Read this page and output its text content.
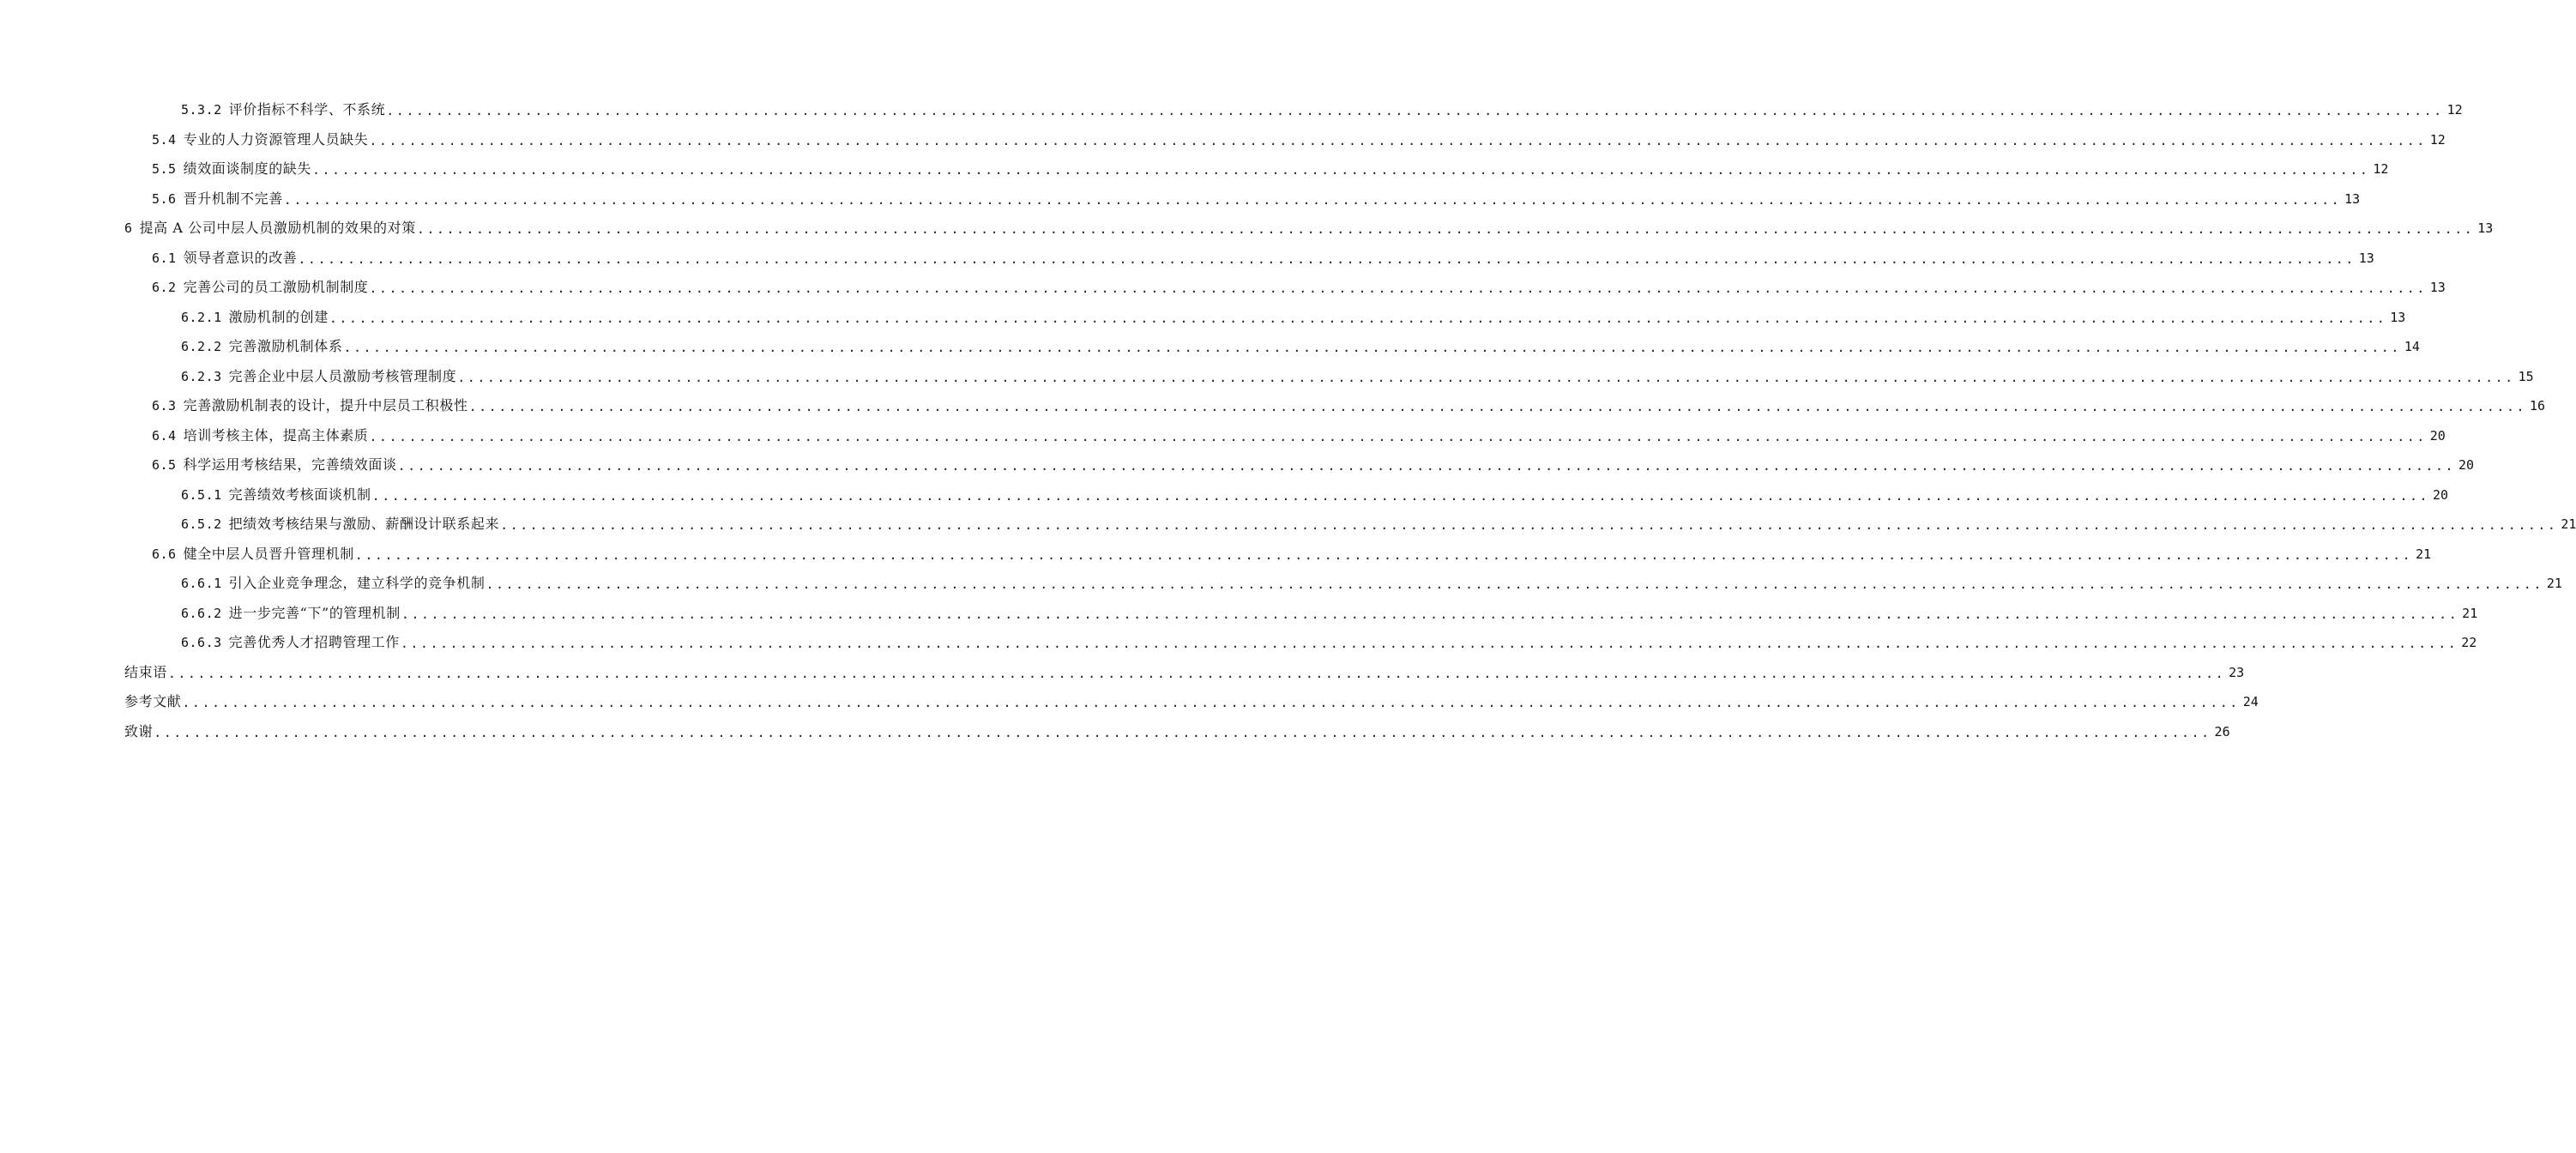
5.3.2 评价指标不科学、不系统 ................................................................................................................................................................................................................ 12
5.4 专业的人力资源管理人员缺失 ................................................................................................................................................................................................................ 12
5.5 绩效面谈制度的缺失 ................................................................................................................................................................................................................ 12
5.6 晋升机制不完善 ................................................................................................................................................................................................................ 13
6 提高 A 公司中层人员激励机制的效果的对策 ................................................................................................................................................................................................................ 13
6.1 领导者意识的改善 ................................................................................................................................................................................................................ 13
6.2 完善公司的员工激励机制制度 ................................................................................................................................................................................................................ 13
6.2.1 激励机制的创建 ................................................................................................................................................................................................................ 13
6.2.2 完善激励机制体系 ................................................................................................................................................................................................................ 14
6.2.3 完善企业中层人员激励考核管理制度 ................................................................................................................................................................................................................ 15
6.3 完善激励机制表的设计，提升中层员工积极性 ................................................................................................................................................................................................................ 16
6.4 培训考核主体，提高主体素质 ................................................................................................................................................................................................................ 20
6.5 科学运用考核结果，完善绩效面谈 ................................................................................................................................................................................................................ 20
6.5.1 完善绩效考核面谈机制 ................................................................................................................................................................................................................ 20
6.5.2 把绩效考核结果与激励、薪酬设计联系起来 ................................................................................................................................................................................................................ 21
6.6 健全中层人员晋升管理机制 ................................................................................................................................................................................................................ 21
6.6.1 引入企业竞争理念，建立科学的竞争机制 ................................................................................................................................................................................................................ 21
6.6.2 进一步完善“下”的管理机制 ................................................................................................................................................................................................................ 21
6.6.3 完善优秀人才招聘管理工作 ................................................................................................................................................................................................................ 22
结束语 ................................................................................................................................................................................................................ 23
参考文献 ................................................................................................................................................................................................................ 24
致谢 ................................................................................................................................................................................................................ 26
